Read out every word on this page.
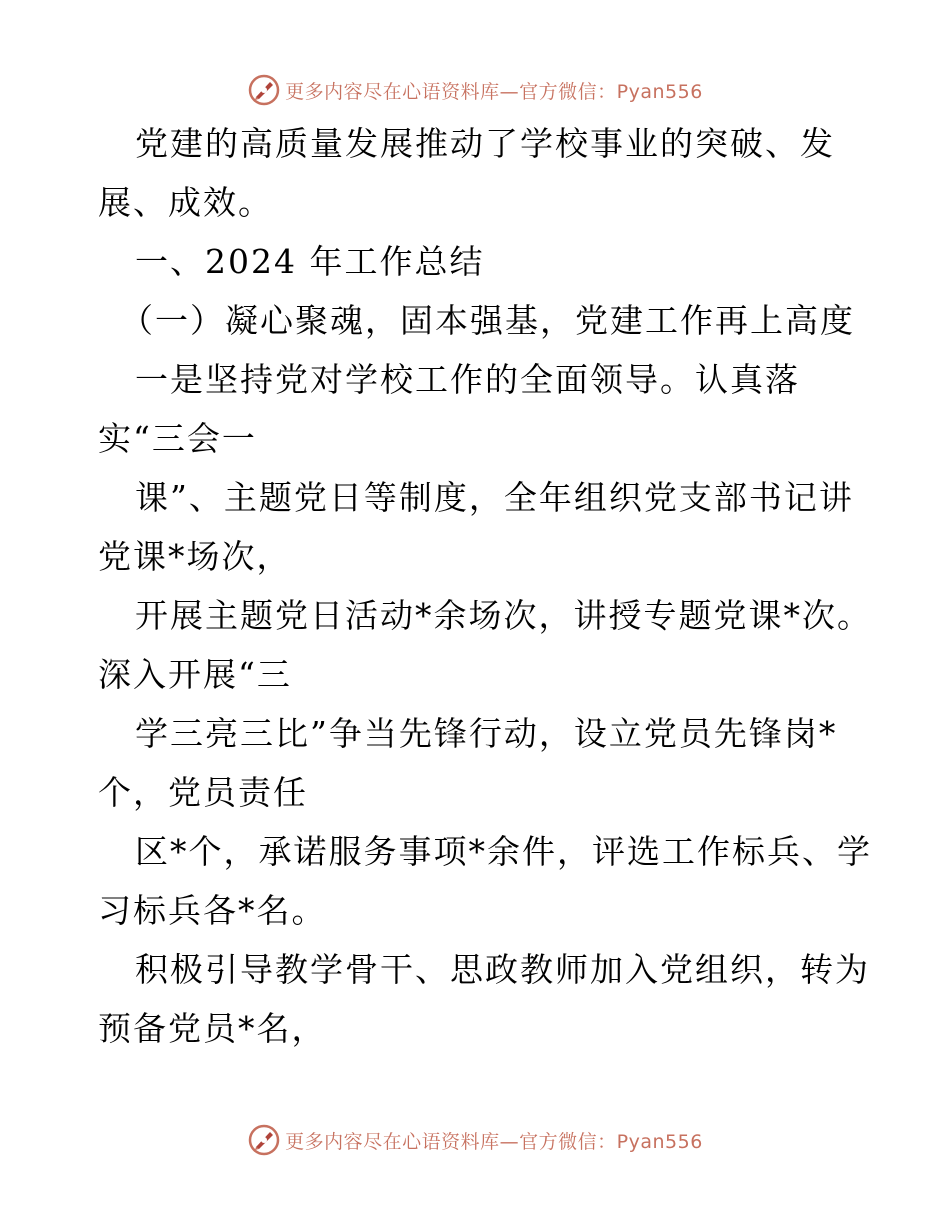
更多内容尽在心语资料库—官方微信：Pyan556
党建的高质量发展推动了学校事业的突破、发
展、成效。
一、2024 年工作总结
（一）凝心聚魂，固本强基，党建工作再上高度
一是坚持党对学校工作的全面领导。认真落
实“三会一
课”、主题党日等制度，全年组织党支部书记讲
党课*场次，
开展主题党日活动*余场次，讲授专题党课*次。
深入开展“三
学三亮三比”争当先锋行动，设立党员先锋岗*
个，党员责任
区*个，承诺服务事项*余件，评选工作标兵、学
习标兵各*名。
积极引导教学骨干、思政教师加入党组织，转为
预备党员*名，
更多内容尽在心语资料库—官方微信：Pyan556
